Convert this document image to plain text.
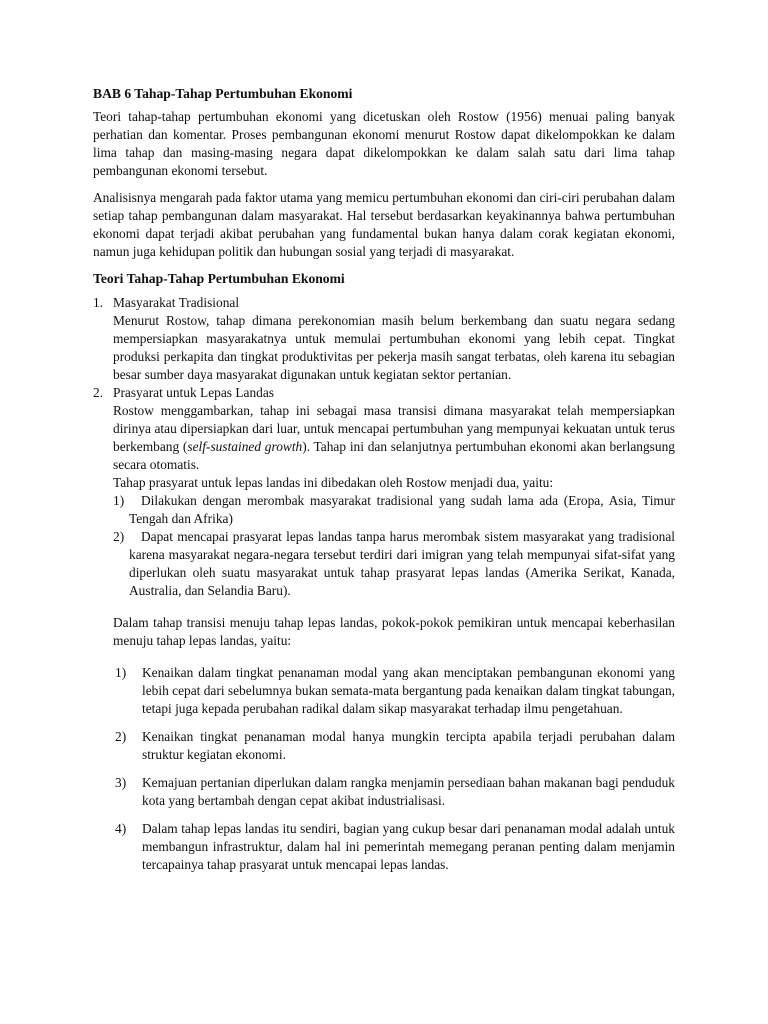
BAB 6 Tahap-Tahap Pertumbuhan Ekonomi

Teori tahap-tahap pertumbuhan ekonomi yang dicetuskan oleh Rostow (1956) menuai paling banyak perhatian dan komentar. Proses pembangunan ekonomi menurut Rostow dapat dikelompokkan ke dalam lima tahap dan masing-masing negara dapat dikelompokkan ke dalam salah satu dari lima tahap pembangunan ekonomi tersebut.

Analisisnya mengarah pada faktor utama yang memicu pertumbuhan ekonomi dan ciri-ciri perubahan dalam setiap tahap pembangunan dalam masyarakat. Hal tersebut berdasarkan keyakinannya bahwa pertumbuhan ekonomi dapat terjadi akibat perubahan yang fundamental bukan hanya dalam corak kegiatan ekonomi, namun juga kehidupan politik dan hubungan sosial yang terjadi di masyarakat.

Teori Tahap-Tahap Pertumbuhan Ekonomi
1. Masyarakat Tradisional
Menurut Rostow, tahap dimana perekonomian masih belum berkembang dan suatu negara sedang mempersiapkan masyarakatnya untuk memulai pertumbuhan ekonomi yang lebih cepat. Tingkat produksi perkapita dan tingkat produktivitas per pekerja masih sangat terbatas, oleh karena itu sebagian besar sumber daya masyarakat digunakan untuk kegiatan sektor pertanian.
2. Prasyarat untuk Lepas Landas
Rostow menggambarkan, tahap ini sebagai masa transisi dimana masyarakat telah mempersiapkan dirinya atau dipersiapkan dari luar, untuk mencapai pertumbuhan yang mempunyai kekuatan untuk terus berkembang (self-sustained growth). Tahap ini dan selanjutnya pertumbuhan ekonomi akan berlangsung secara otomatis.
Tahap prasyarat untuk lepas landas ini dibedakan oleh Rostow menjadi dua, yaitu:
1) Dilakukan dengan merombak masyarakat tradisional yang sudah lama ada (Eropa, Asia, Timur Tengah dan Afrika)
2) Dapat mencapai prasyarat lepas landas tanpa harus merombak sistem masyarakat yang tradisional karena masyarakat negara-negara tersebut terdiri dari imigran yang telah mempunyai sifat-sifat yang diperlukan oleh suatu masyarakat untuk tahap prasyarat lepas landas (Amerika Serikat, Kanada, Australia, dan Selandia Baru).
Dalam tahap transisi menuju tahap lepas landas, pokok-pokok pemikiran untuk mencapai keberhasilan menuju tahap lepas landas, yaitu:
1) Kenaikan dalam tingkat penanaman modal yang akan menciptakan pembangunan ekonomi yang lebih cepat dari sebelumnya bukan semata-mata bergantung pada kenaikan dalam tingkat tabungan, tetapi juga kepada perubahan radikal dalam sikap masyarakat terhadap ilmu pengetahuan.
2) Kenaikan tingkat penanaman modal hanya mungkin tercipta apabila terjadi perubahan dalam struktur kegiatan ekonomi.
3) Kemajuan pertanian diperlukan dalam rangka menjamin persediaan bahan makanan bagi penduduk kota yang bertambah dengan cepat akibat industrialisasi.
4) Dalam tahap lepas landas itu sendiri, bagian yang cukup besar dari penanaman modal adalah untuk membangun infrastruktur, dalam hal ini pemerintah memegang peranan penting dalam menjamin tercapainya tahap prasyarat untuk mencapai lepas landas.
